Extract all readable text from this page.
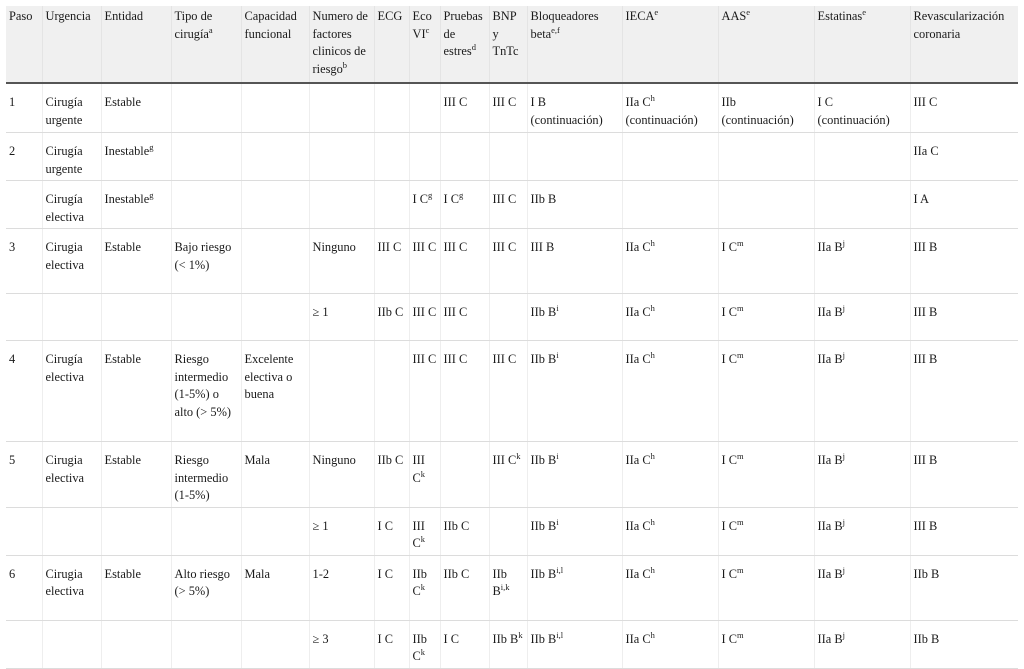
Paso	Urgencia	Entidad	Tipo de cirugía$^a$	Capacidad funcional	Numero de factores clinicos de riesgo$^b$	ECG	Eco $VI^c$	Pruebas de estres$^d$	BNP y TnTc	Bloqueadores beta$^{e,f}$	IECA$^e$	AAS$^e$	Estatinas$^e$	Revascularización coronaria
1	Cirugía urgente	Estable						III C	III C	I B (continuación)	IIa $C^h$ (continuación)	IIb (continuación)	I C (continuación)	III C
2	Cirugía urgente	Inestable$^g$												IIa C
	Cirugía electiva	Inestable$^g$					I $C^g$	I $C^g$	III C	IIb B				I A
3	Cirugia electiva	Estable	Bajo riesgo (< 1%)		Ninguno	III C	III C	III C	III C	III B	IIa $C^h$	I $C^m$	IIa $B^j$	III B
					≥ 1	IIb C	III C	III C		IIb $B^i$	IIa $C^h$	I $C^m$	IIa $B^j$	III B
4	Cirugía electiva	Estable	Riesgo intermedio (1-5%) o alto (> 5%)	Excelente electiva o buena			III C	III C	III C	IIb $B^i$	IIa $C^h$	I $C^m$	IIa $B^j$	III B
5	Cirugia electiva	Estable	Riesgo intermedio (1-5%)	Mala	Ninguno	IIb C	III $C^k$		III $C^k$	IIb $B^i$	IIa $C^h$	I $C^m$	IIa $B^j$	III B
					≥ 1	I C	III $C^k$	IIb C		IIb $B^i$	IIa $C^h$	I $C^m$	IIa $B^j$	III B
6	Cirugia electiva	Estable	Alto riesgo (> 5%)	Mala	1-2	I C	IIb $C^k$	IIb C	IIb B$^{i,k}$	IIb B$^{i,l}$	IIa $C^h$	I $C^m$	IIa $B^j$	IIb B
					≥ 3	I C	IIb $C^k$	I C	IIb $B^k$	IIb B$^{i,l}$	IIa $C^h$	I $C^m$	IIa $B^j$	IIb B
